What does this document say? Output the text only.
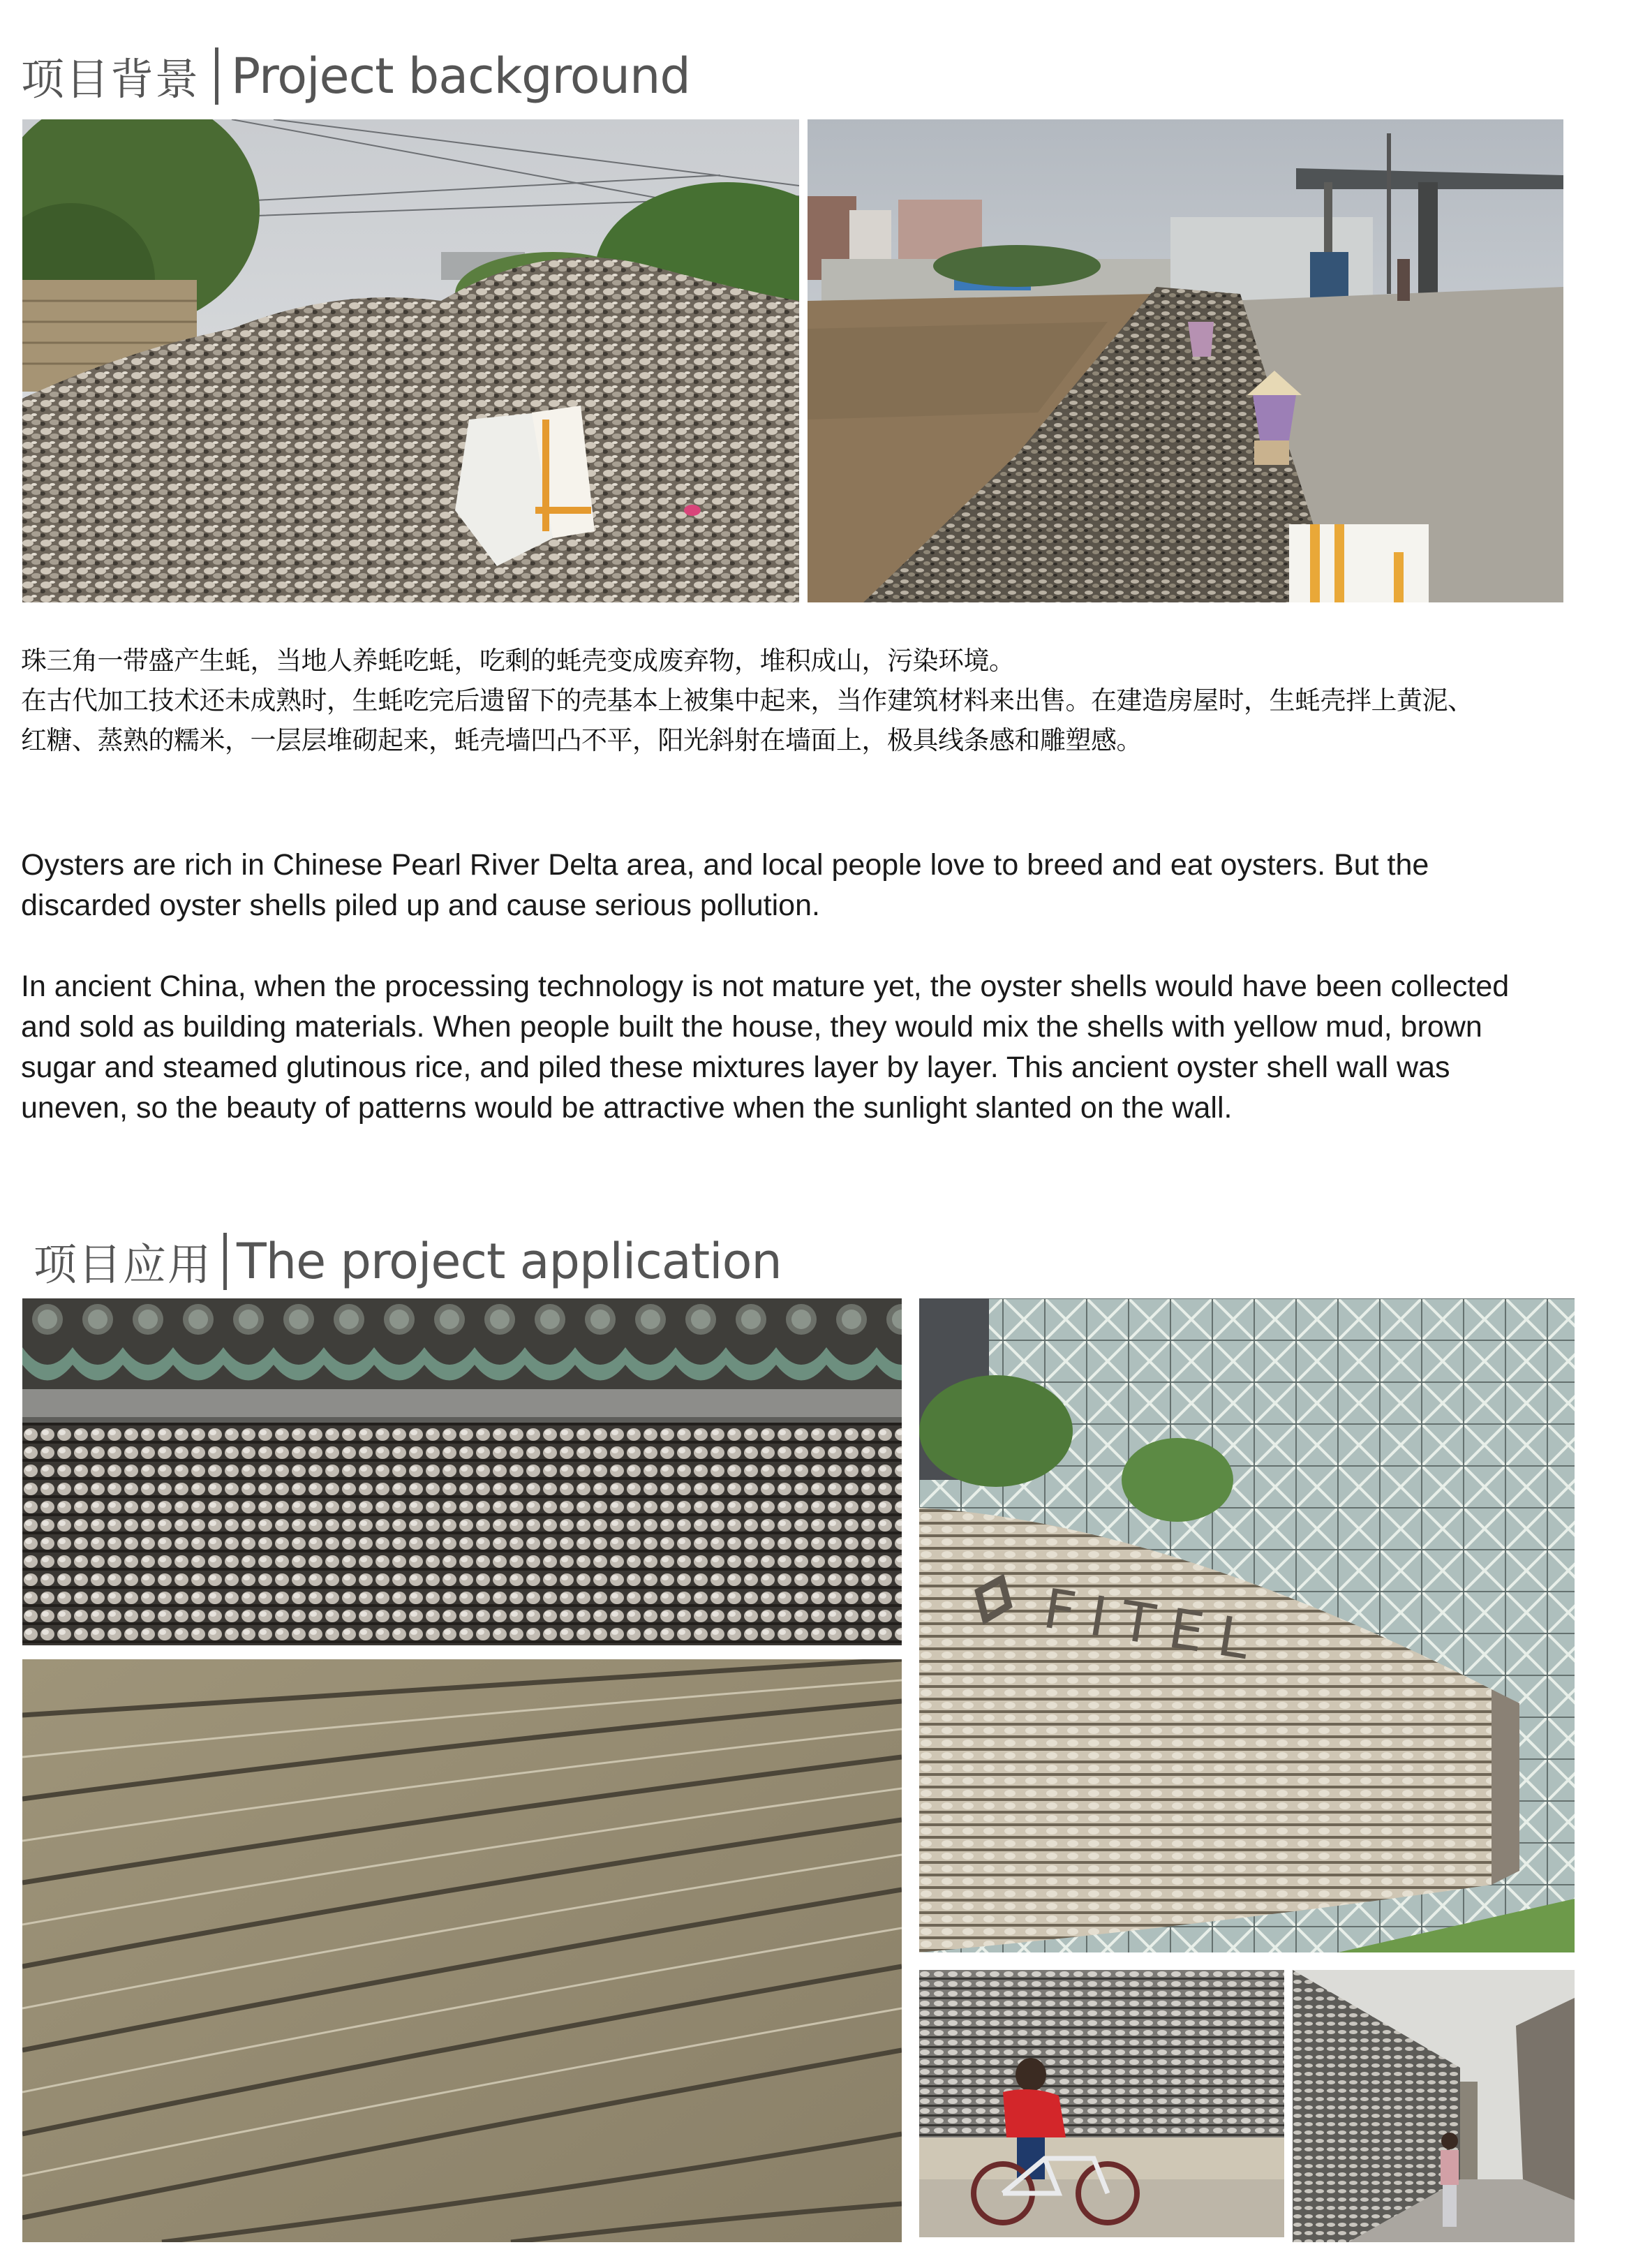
项目背景 Project background
珠三角一带盛产生蚝，当地人养蚝吃蚝，吃剩的蚝壳变成废弃物，堆积成山，污染环境。
在古代加工技术还未成熟时，生蚝吃完后遗留下的壳基本上被集中起来，当作建筑材料来出售。在建造房屋时，生蚝壳拌上黄泥、
红糖、蒸熟的糯米，一层层堆砌起来，蚝壳墙凹凸不平，阳光斜射在墙面上，极具线条感和雕塑感。
Oysters are rich in Chinese Pearl River Delta area, and local people love to breed and eat oysters. But the
discarded oyster shells piled up and cause serious pollution.
In ancient China, when the processing technology is not mature yet, the oyster shells would have been collected
and sold as building materials. When people built the house, they would mix the shells with yellow mud, brown
sugar and steamed glutinous rice, and piled these mixtures layer by layer. This ancient oyster shell wall was
uneven, so the beauty of patterns would be attractive when the sunlight slanted on the wall.
项目应用 The project application
FITEL
